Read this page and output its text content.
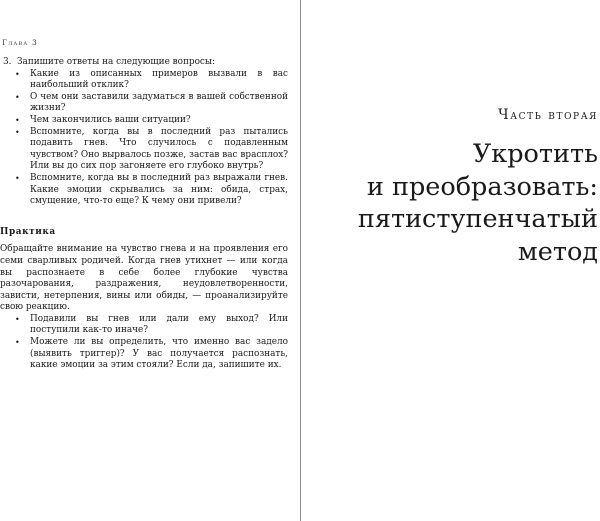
Глава 3
3. Запишите ответы на следующие вопросы:
• Какие из описанных примеров вызвали в вас наибольший отклик?
• О чем они заставили задуматься в вашей собственной жизни?
• Чем закончились ваши ситуации?
• Вспомните, когда вы в последний раз пытались подавить гнев. Что случилось с подавленным чувством? Оно вырвалось позже, застав вас врасплох? Или вы до сих пор загоняете его глубоко внутрь?
• Вспомните, когда вы в последний раз выражали гнев. Какие эмоции скрывались за ним: обида, страх, смущение, что-то еще? К чему они привели?
Практика
Обращайте внимание на чувство гнева и на проявления его семи сварливых родичей. Когда гнев утихнет — или когда вы распознаете в себе более глубокие чувства разочарования, раздражения, неудовлетворенности, зависти, нетерпения, вины или обиды, — проанализируйте свою реакцию.
• Подавили вы гнев или дали ему выход? Или поступили как-то иначе?
• Можете ли вы определить, что именно вас задело (выявить триггер)? У вас получается распознать, какие эмоции за этим стояли? Если да, запишите их.
Часть вторая
Укротить
и преобразовать:
пятиступенчатый
метод
